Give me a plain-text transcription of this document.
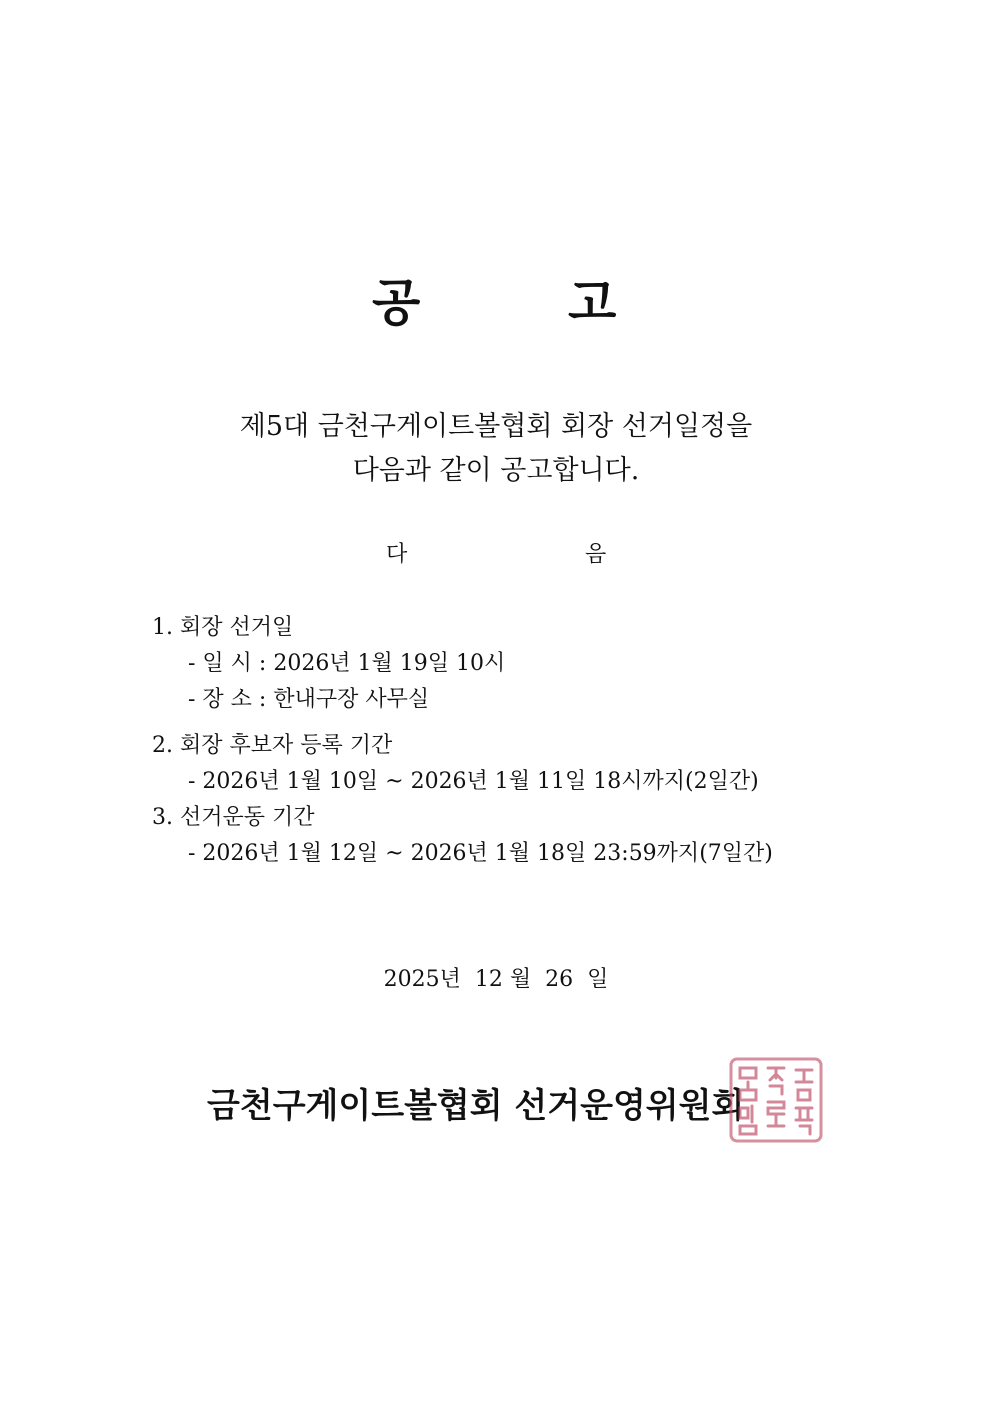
공	고
제5대 금천구게이트볼협회 회장 선거일정을
다음과 같이 공고합니다.
다	음
1. 회장 선거일
- 일 시 : 2026년 1월 19일 10시
- 장 소 : 한내구장 사무실
2. 회장 후보자 등록 기간
- 2026년 1월 10일 ~ 2026년 1월 11일 18시까지(2일간)
3. 선거운동 기간
- 2026년 1월 12일 ~ 2026년 1월 18일 23:59까지(7일간)
2025년  12 월  26  일
금천구게이트볼협회 선거운영위원회
